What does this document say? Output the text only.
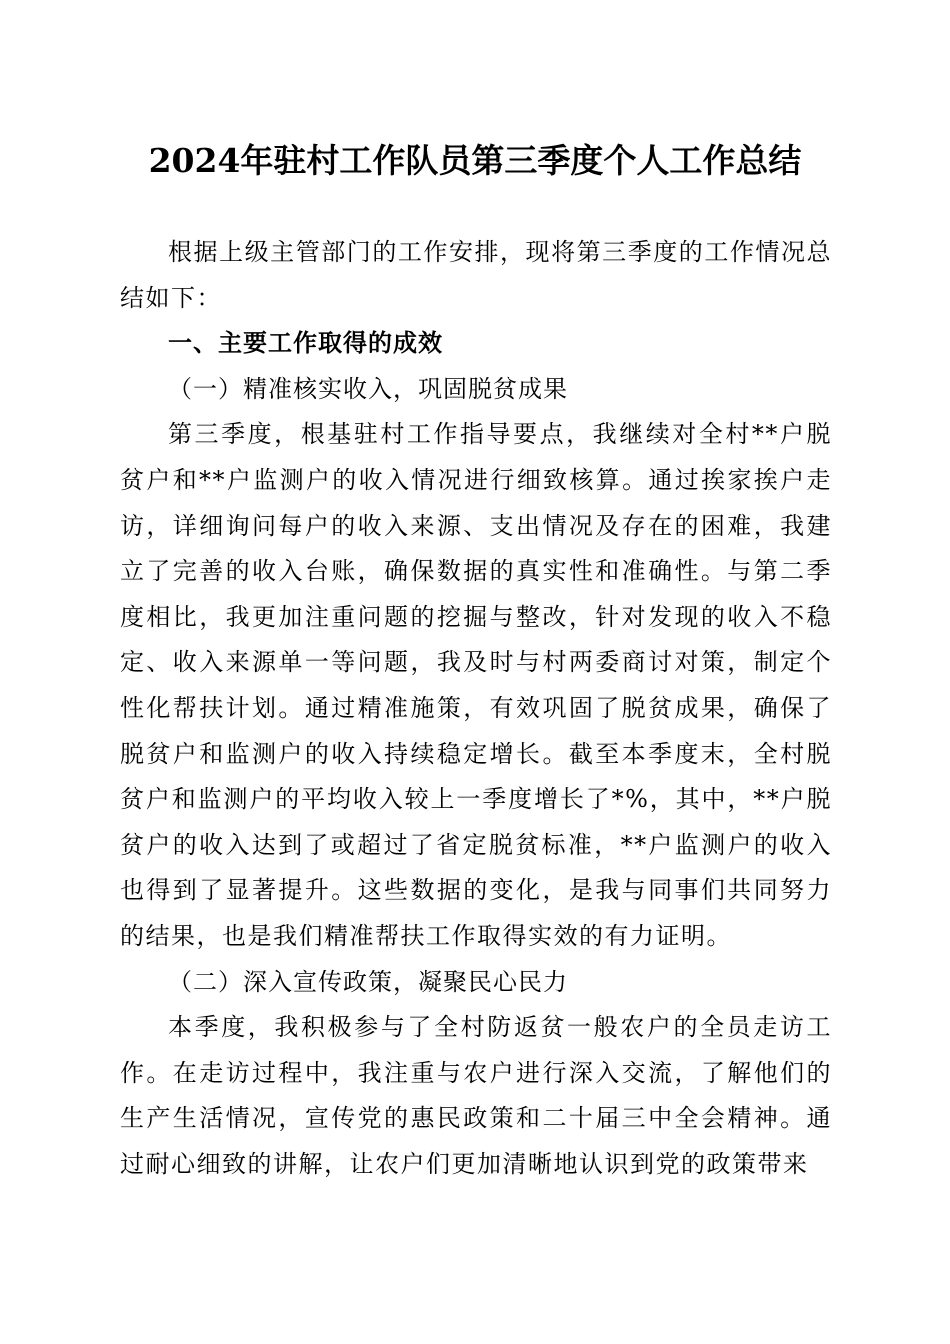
2024年驻村工作队员第三季度个人工作总结

根据上级主管部门的工作安排，现将第三季度的工作情况总结如下：

一、主要工作取得的成效

（一）精准核实收入，巩固脱贫成果

第三季度，根基驻村工作指导要点，我继续对全村**户脱贫户和**户监测户的收入情况进行细致核算。通过挨家挨户走访，详细询问每户的收入来源、支出情况及存在的困难，我建立了完善的收入台账，确保数据的真实性和准确性。与第二季度相比，我更加注重问题的挖掘与整改，针对发现的收入不稳定、收入来源单一等问题，我及时与村两委商讨对策，制定个性化帮扶计划。通过精准施策，有效巩固了脱贫成果，确保了脱贫户和监测户的收入持续稳定增长。截至本季度末，全村脱贫户和监测户的平均收入较上一季度增长了*%，其中，**户脱贫户的收入达到了或超过了省定脱贫标准，**户监测户的收入也得到了显著提升。这些数据的变化，是我与同事们共同努力的结果，也是我们精准帮扶工作取得实效的有力证明。

（二）深入宣传政策，凝聚民心民力

本季度，我积极参与了全村防返贫一般农户的全员走访工作。在走访过程中，我注重与农户进行深入交流，了解他们的生产生活情况，宣传党的惠民政策和二十届三中全会精神。通过耐心细致的讲解，让农户们更加清晰地认识到党的政策带来
